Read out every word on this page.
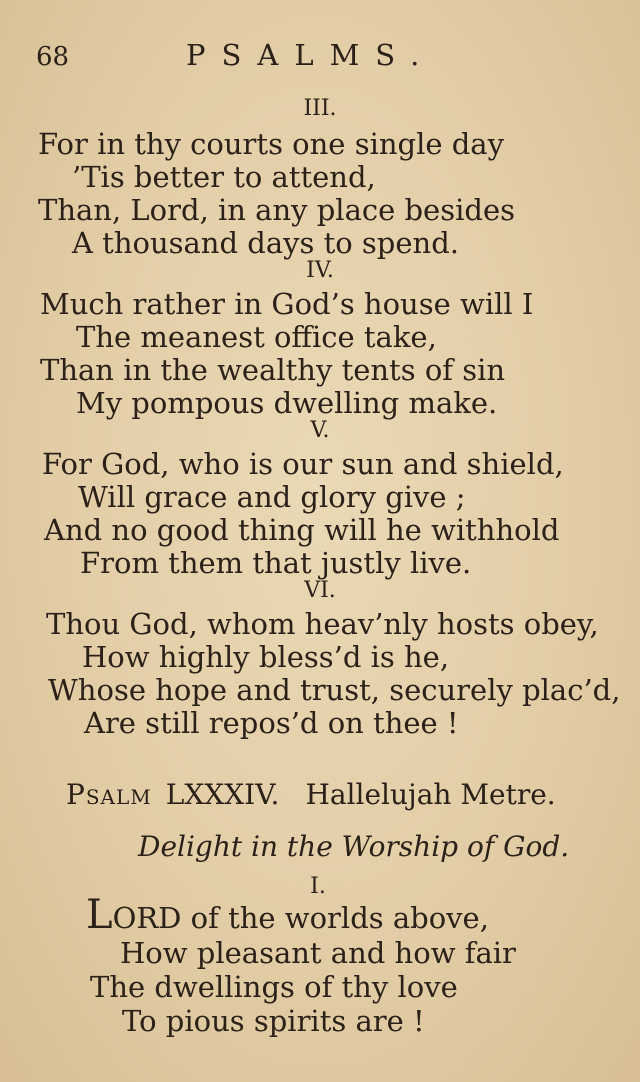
68	PSALMS.
III.
For in thy courts one single day
’Tis better to attend,
Than, Lord, in any place besides
A thousand days to spend.
IV.
Much rather in God’s house will I
The meanest office take,
Than in the wealthy tents of sin
My pompous dwelling make.
V.
For God, who is our sun and shield,
Will grace and glory give ;
And no good thing will he withhold
From them that justly live.
VI.
Thou God, whom heav’nly hosts obey,
How highly bless’d is he,
Whose hope and trust, securely plac’d,
Are still repos’d on thee !
Psalm LXXXIV. Hallelujah Metre.
Delight in the Worship of God.
I.
LORD of the worlds above,
How pleasant and how fair
The dwellings of thy love
To pious spirits are !
